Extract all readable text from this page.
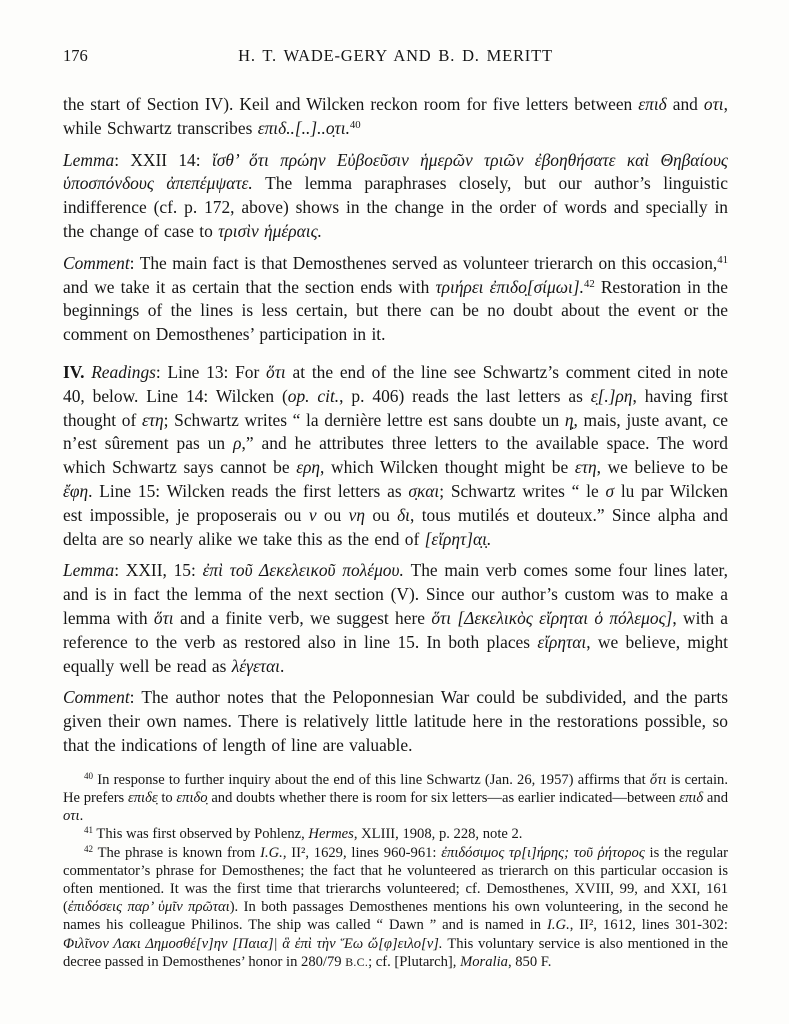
176	H. T. WADE-GERY AND B. D. MERITT

the start of Section IV). Keil and Wilcken reckon room for five letters between επιδ and οτι, while Schwartz transcribes επιδ..[..]..ο̣τι.$^{40}$

Lemma: XXII 14: ἴσθ’ ὅτι πρώην Εὐβοεῦσιν ἡμερῶν τριῶν ἐβοηθήσατε καὶ Θηβαίους ὑποσπόνδους ἀπεπέμψατε. The lemma paraphrases closely, but our author’s linguistic indifference (cf. p. 172, above) shows in the change in the order of words and specially in the change of case to τρισὶν ἡμέραις.

Comment: The main fact is that Demosthenes served as volunteer trierarch on this occasion,$^{41}$ and we take it as certain that the section ends with τριήρει ἐπιδο̣[σίμωι].$^{42}$ Restoration in the beginnings of the lines is less certain, but there can be no doubt about the event or the comment on Demosthenes’ participation in it.

IV. Readings: Line 13: For ὅτι at the end of the line see Schwartz’s comment cited in note 40, below. Line 14: Wilcken (op. cit., p. 406) reads the last letters as ε̣[.]ρη, having first thought of ετη; Schwartz writes “ la dernière lettre est sans doubte un η̣, mais, juste avant, ce n’est sûrement pas un ρ,” and he attributes three letters to the available space. The word which Schwartz says cannot be ερη, which Wilcken thought might be ετη, we believe to be ἔφη. Line 15: Wilcken reads the first letters as σ̣και; Schwartz writes “ le σ lu par Wilcken est impossible, je proposerais ou ν ou νη ou δι, tous mutilés et douteux.” Since alpha and delta are so nearly alike we take this as the end of [εἴρητ]α̣ι̣.

Lemma: XXII, 15: ἐπὶ τοῦ Δεκελεικοῦ πολέμου. The main verb comes some four lines later, and is in fact the lemma of the next section (V). Since our author’s custom was to make a lemma with ὅτι and a finite verb, we suggest here ὅτι [Δεκελικὸς εἴρηται ὁ πόλεμος], with a reference to the verb as restored also in line 15. In both places εἴρηται, we believe, might equally well be read as λέγεται.

Comment: The author notes that the Peloponnesian War could be subdivided, and the parts given their own names. There is relatively little latitude here in the restorations possible, so that the indications of length of line are valuable.

$^{40}$ In response to further inquiry about the end of this line Schwartz (Jan. 26, 1957) affirms that ὅτι is certain. He prefers επιδε̣ to επιδο̣ and doubts whether there is room for six letters—as earlier indicated—between επιδ and οτι.

$^{41}$ This was first observed by Pohlenz, Hermes, XLIII, 1908, p. 228, note 2.

$^{42}$ The phrase is known from I.G., II², 1629, lines 960-961: ἐπιδόσιμος τρ[ι]ήρης; τοῦ ῥήτορος is the regular commentator’s phrase for Demosthenes; the fact that he volunteered as trierarch on this particular occasion is often mentioned. It was the first time that trierarchs volunteered; cf. Demosthenes, XVIII, 99, and XXI, 161 (ἐπιδόσεις παρ’ ὑμῖν πρῶται). In both passages Demosthenes mentions his own volunteering, in the second he names his colleague Philinos. The ship was called “ Dawn ” and is named in I.G., II², 1612, lines 301-302: Φιλῖνον Λακι Δημοσθέ[ν]ην [Παια]| ἃ ἐπὶ τὴν Ἕω ὤ[φ]ειλο[ν]. This voluntary service is also mentioned in the decree passed in Demosthenes’ honor in 280/79 B.C.; cf. [Plutarch], Moralia, 850 F.
